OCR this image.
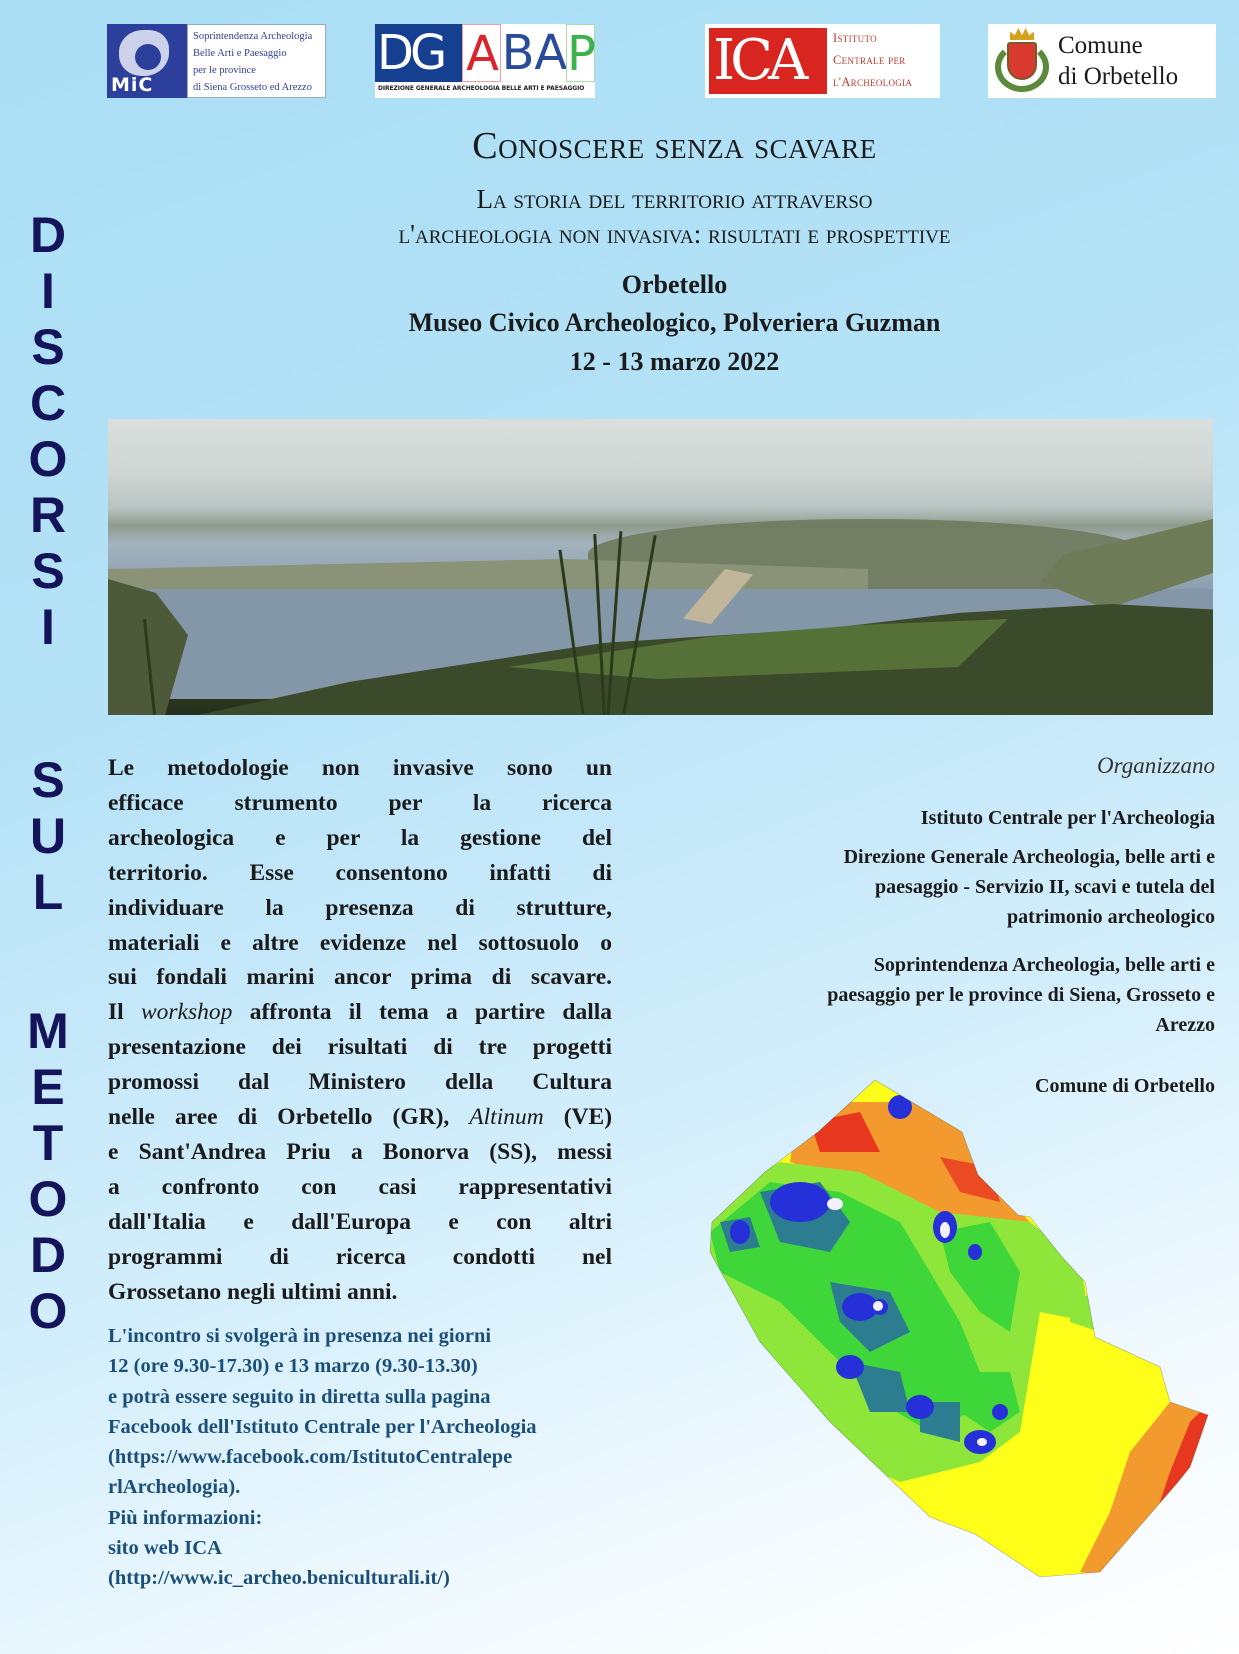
MiC
Soprintendenza Archeologia
Belle Arti e Paesaggio
per le province
di Siena Grosseto ed Arezzo
DG A B A P
DIREZIONE GENERALE ARCHEOLOGIA BELLE ARTI E PAESAGGIO ICA	Istituto
Centrale per
l'Archeologia
Comune
di Orbetello
Conoscere senza scavare
La storia del territorio attraverso
l'archeologia non invasiva: risultati e prospettive
Orbetello
Museo Civico Archeologico, Polveriera Guzman
12 - 13 marzo 2022
D
I
S
C
O
R
S
I
S
U
L
M
E
T
O
D
O
Le metodologie non invasive sono un
efficace strumento per la ricerca
archeologica e per la gestione del
territorio. Esse consentono infatti di
individuare la presenza di strutture,
materiali e altre evidenze nel sottosuolo o
sui fondali marini ancor prima di scavare.
Il workshop affronta il tema a partire dalla
presentazione dei risultati di tre progetti
promossi dal Ministero della Cultura
nelle aree di Orbetello (GR), Altinum (VE)
e Sant'Andrea Priu a Bonorva (SS), messi
a confronto con casi rappresentativi
dall'Italia e dall'Europa e con altri
programmi di ricerca condotti nel
Grossetano negli ultimi anni.
L'incontro si svolgerà in presenza nei giorni
12 (ore 9.30-17.30) e 13 marzo (9.30-13.30)
e potrà essere seguito in diretta sulla pagina
Facebook dell'Istituto Centrale per l'Archeologia
(https://www.facebook.com/IstitutoCentralepe
rlArcheologia).
Più informazioni:
sito web ICA
(http://www.ic_archeo.beniculturali.it/)
Organizzano
Istituto Centrale per l'Archeologia
Direzione Generale Archeologia, belle arti e
paesaggio - Servizio II, scavi e tutela del
patrimonio archeologico
Soprintendenza Archeologia, belle arti e
paesaggio per le province di Siena, Grosseto e
Arezzo
Comune di Orbetello
